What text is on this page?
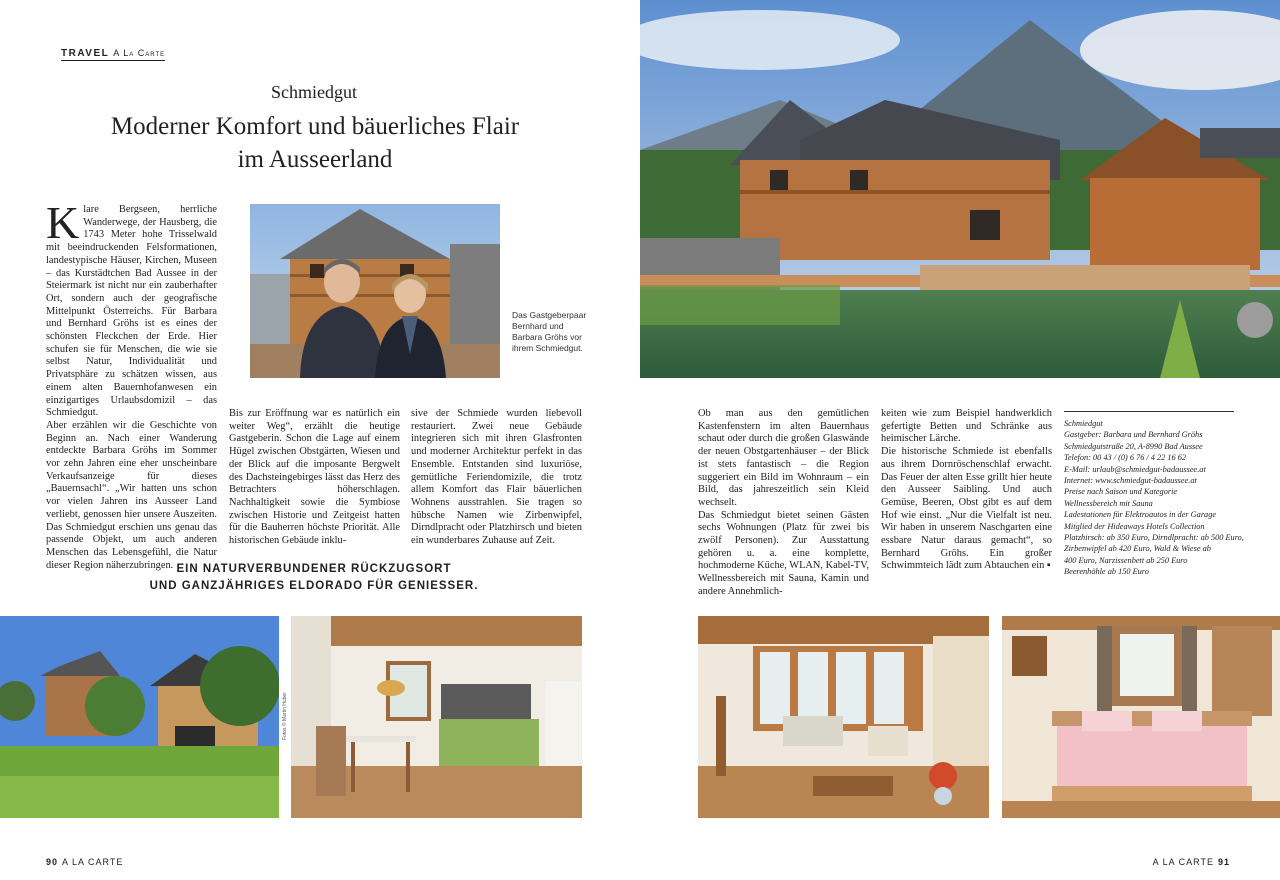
TRAVEL A La Carte
Schmiedgut
Moderner Komfort und bäuerliches Flair
im Ausseerland
Klare Bergseen, herrliche Wanderwege, der Hausberg, die 1743 Meter hohe Trisselwald mit beeindruckenden Felsformationen, landestypische Häuser, Kirchen, Museen – das Kurstädtchen Bad Aussee in der Steiermark ist nicht nur ein zauberhafter Ort, sondern auch der geografische Mittelpunkt Österreichs. Für Barbara und Bernhard Gröhs ist es eines der schönsten Fleckchen der Erde. Hier schufen sie für Menschen, die wie sie selbst Natur, Individualität und Privatsphäre zu schätzen wissen, aus einem alten Bauernhofanwesen ein einzigartiges Urlaubsdomizil – das Schmiedgut.
Aber erzählen wir die Geschichte von Beginn an. Nach einer Wanderung entdeckte Barbara Gröhs im Sommer vor zehn Jahren eine eher unscheinbare Verkaufsanzeige für dieses „Bauernsachl“. „Wir hatten uns schon vor vielen Jahren ins Ausseer Land verliebt, genossen hier unsere Auszeiten. Das Schmiedgut erschien uns genau das passende Objekt, um auch anderen Menschen das Lebensgefühl, die Natur dieser Region näherzubringen.
Das Gastgeberpaar Bernhard und Barbara Gröhs vor ihrem Schmiedgut.
Bis zur Eröffnung war es natürlich ein weiter Weg“, erzählt die heutige Gastgeberin. Schon die Lage auf einem Hügel zwischen Obstgärten, Wiesen und der Blick auf die imposante Bergwelt des Dachsteingebirges lässt das Herz des Betrachters höherschlagen. Nachhaltigkeit sowie die Symbiose zwischen Historie und Zeitgeist hatten für die Bauherren höchste Priorität. Alle historischen Gebäude inklu-
sive der Schmiede wurden liebevoll restauriert. Zwei neue Gebäude integrieren sich mit ihren Glasfronten und moderner Architektur perfekt in das Ensemble. Entstanden sind luxuriöse, gemütliche Feriendomizile, die trotz allem Komfort das Flair bäuerlichen Wohnens ausstrahlen. Sie tragen so hübsche Namen wie Zirbenwipfel, Dirndlpracht oder Platzhirsch und bieten ein wunderbares Zuhause auf Zeit.
EIN NATURVERBUNDENER RÜCKZUGSORT
UND GANZJÄHRIGES ELDORADO FÜR GENIESSER.
Fotos © Martin Huber
90 A LA CARTE
Ob man aus den gemütlichen Kastenfenstern im alten Bauernhaus schaut oder durch die großen Glaswände der neuen Obstgartenhäuser – der Blick ist stets fantastisch – die Region suggeriert ein Bild im Wohnraum – ein Bild, das jahreszeitlich sein Kleid wechselt.
Das Schmiedgut bietet seinen Gästen sechs Wohnungen (Platz für zwei bis zwölf Personen). Zur Ausstattung gehören u. a. eine komplette, hochmoderne Küche, WLAN, Kabel-TV, Wellnessbereich mit Sauna, Kamin und andere Annehmlich-
keiten wie zum Beispiel handwerklich gefertigte Betten und Schränke aus heimischer Lärche.
Die historische Schmiede ist ebenfalls aus ihrem Dornröschenschlaf erwacht. Das Feuer der alten Esse grillt hier heute den Ausseer Saibling. Und auch Gemüse, Beeren, Obst gibt es auf dem Hof wie einst. „Nur die Vielfalt ist neu. Wir haben in unserem Naschgarten eine essbare Natur daraus gemacht“, so Bernhard Gröhs. Ein großer Schwimmteich lädt zum Abtauchen ein ▪
Schmiedgut
Gastgeber: Barbara und Bernhard Gröhs
Schmiedgutstraße 20, A-8990 Bad Aussee
Telefon: 00 43 / (0) 6 76 / 4 22 16 62
E-Mail: urlaub@schmiedgut-badaussee.at
Internet: www.schmiedgut-badaussee.at
Preise nach Saison und Kategorie
Wellnessbereich mit Sauna
Ladestationen für Elektroautos in der Garage
Mitglied der Hideaways Hotels Collection
Platzhirsch: ab 350 Euro, Dirndlpracht: ab 500 Euro,
Zirbenwipfel ab 420 Euro, Wald & Wiese ab
400 Euro, Narzissenbett ab 250 Euro
Beerenhöhle ab 150 Euro
A LA CARTE 91
